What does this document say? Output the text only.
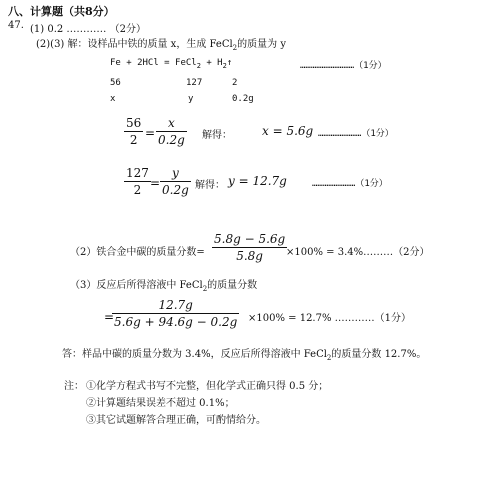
八、计算题（共8分）
47. (1) 0.2 ………… （2分）
(2)(3) 解：设样品中铁的质量 x，生成 FeCl$_2$的质量为 y
Fe + 2HCl = FeCl$_2$ + $H_2↑$	…………………………（1分）
56	127	2
x	y	0.2g
56
2 =
x
0.2g 解得：	x = 5.6g ……………………（1分）
127
2 =
y
0.2g 解得： y = 12.7g	……………………（1分）
（2）铁合金中碳的质量分数=
5.8g − 5.6g
5.8g	×100% = 3.4%………（2分）
（3）反应后所得溶液中 FeCl$_2$的质量分数
=
12.7g
5.6g + 94.6g − 0.2g ×100% = 12.7% …………（1分）
答：样品中碳的质量分数为 3.4%，反应后所得溶液中 FeCl$_2$的质量分数 12.7%。
注： ①化学方程式书写不完整，但化学式正确只得 0.5 分；
②计算题结果误差不超过 0.1%；
③其它试题解答合理正确，可酌情给分。
